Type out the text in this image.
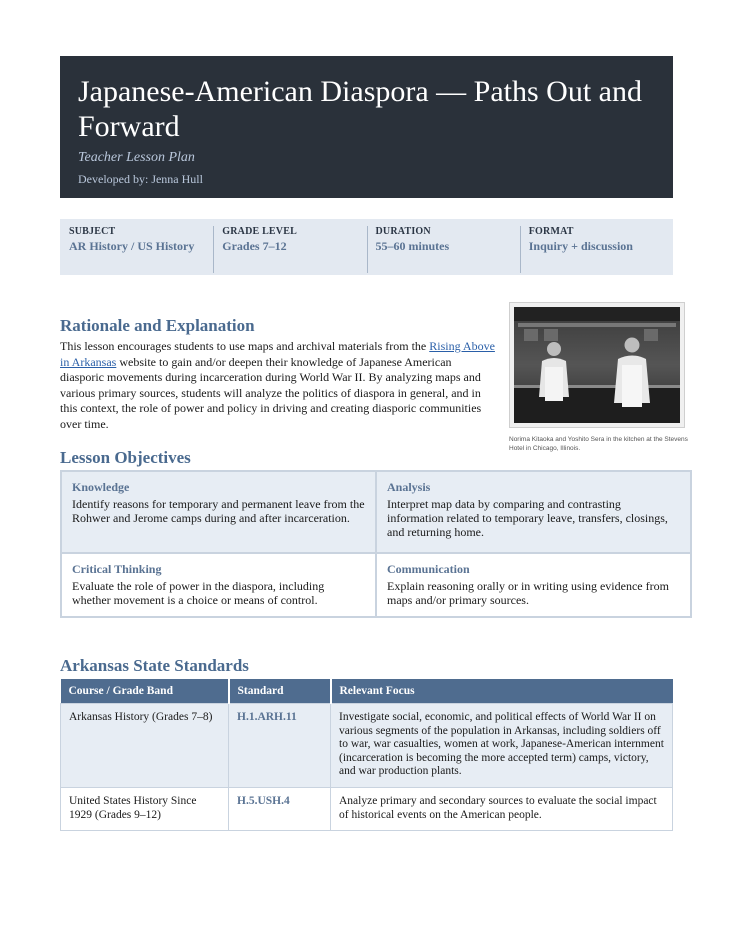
Japanese-American Diaspora — Paths Out and Forward
Teacher Lesson Plan
Developed by: Jenna Hull
SUBJECT
AR History / US History
GRADE LEVEL
Grades 7–12
DURATION
55–60 minutes
FORMAT
Inquiry + discussion
Rationale and Explanation
This lesson encourages students to use maps and archival materials from the Rising Above in Arkansas website to gain and/or deepen their knowledge of Japanese American diasporic movements during incarceration during World War II. By analyzing maps and various primary sources, students will analyze the politics of diaspora in general, and in this context, the role of power and policy in driving and creating diasporic communities over time.
Norima Kitaoka and Yoshito Sera in the kitchen at the Stevens Hotel in Chicago, Illinois.
Lesson Objectives
Knowledge
Identify reasons for temporary and permanent leave from the Rohwer and Jerome camps during and after incarceration.
Analysis
Interpret map data by comparing and contrasting information related to temporary leave, transfers, closings, and returning home.
Critical Thinking
Evaluate the role of power in the diaspora, including whether movement is a choice or means of control.
Communication
Explain reasoning orally or in writing using evidence from maps and/or primary sources.
Arkansas State Standards
Course / Grade Band	Standard	Relevant Focus
Arkansas History (Grades 7–8)	H.1.ARH.11	Investigate social, economic, and political effects of World War II on various segments of the population in Arkansas, including soldiers off to war, war casualties, women at work, Japanese-American internment (incarceration is becoming the more accepted term) camps, victory, and war production plants.
United States History Since 1929 (Grades 9–12)	H.5.USH.4	Analyze primary and secondary sources to evaluate the social impact of historical events on the American people.
